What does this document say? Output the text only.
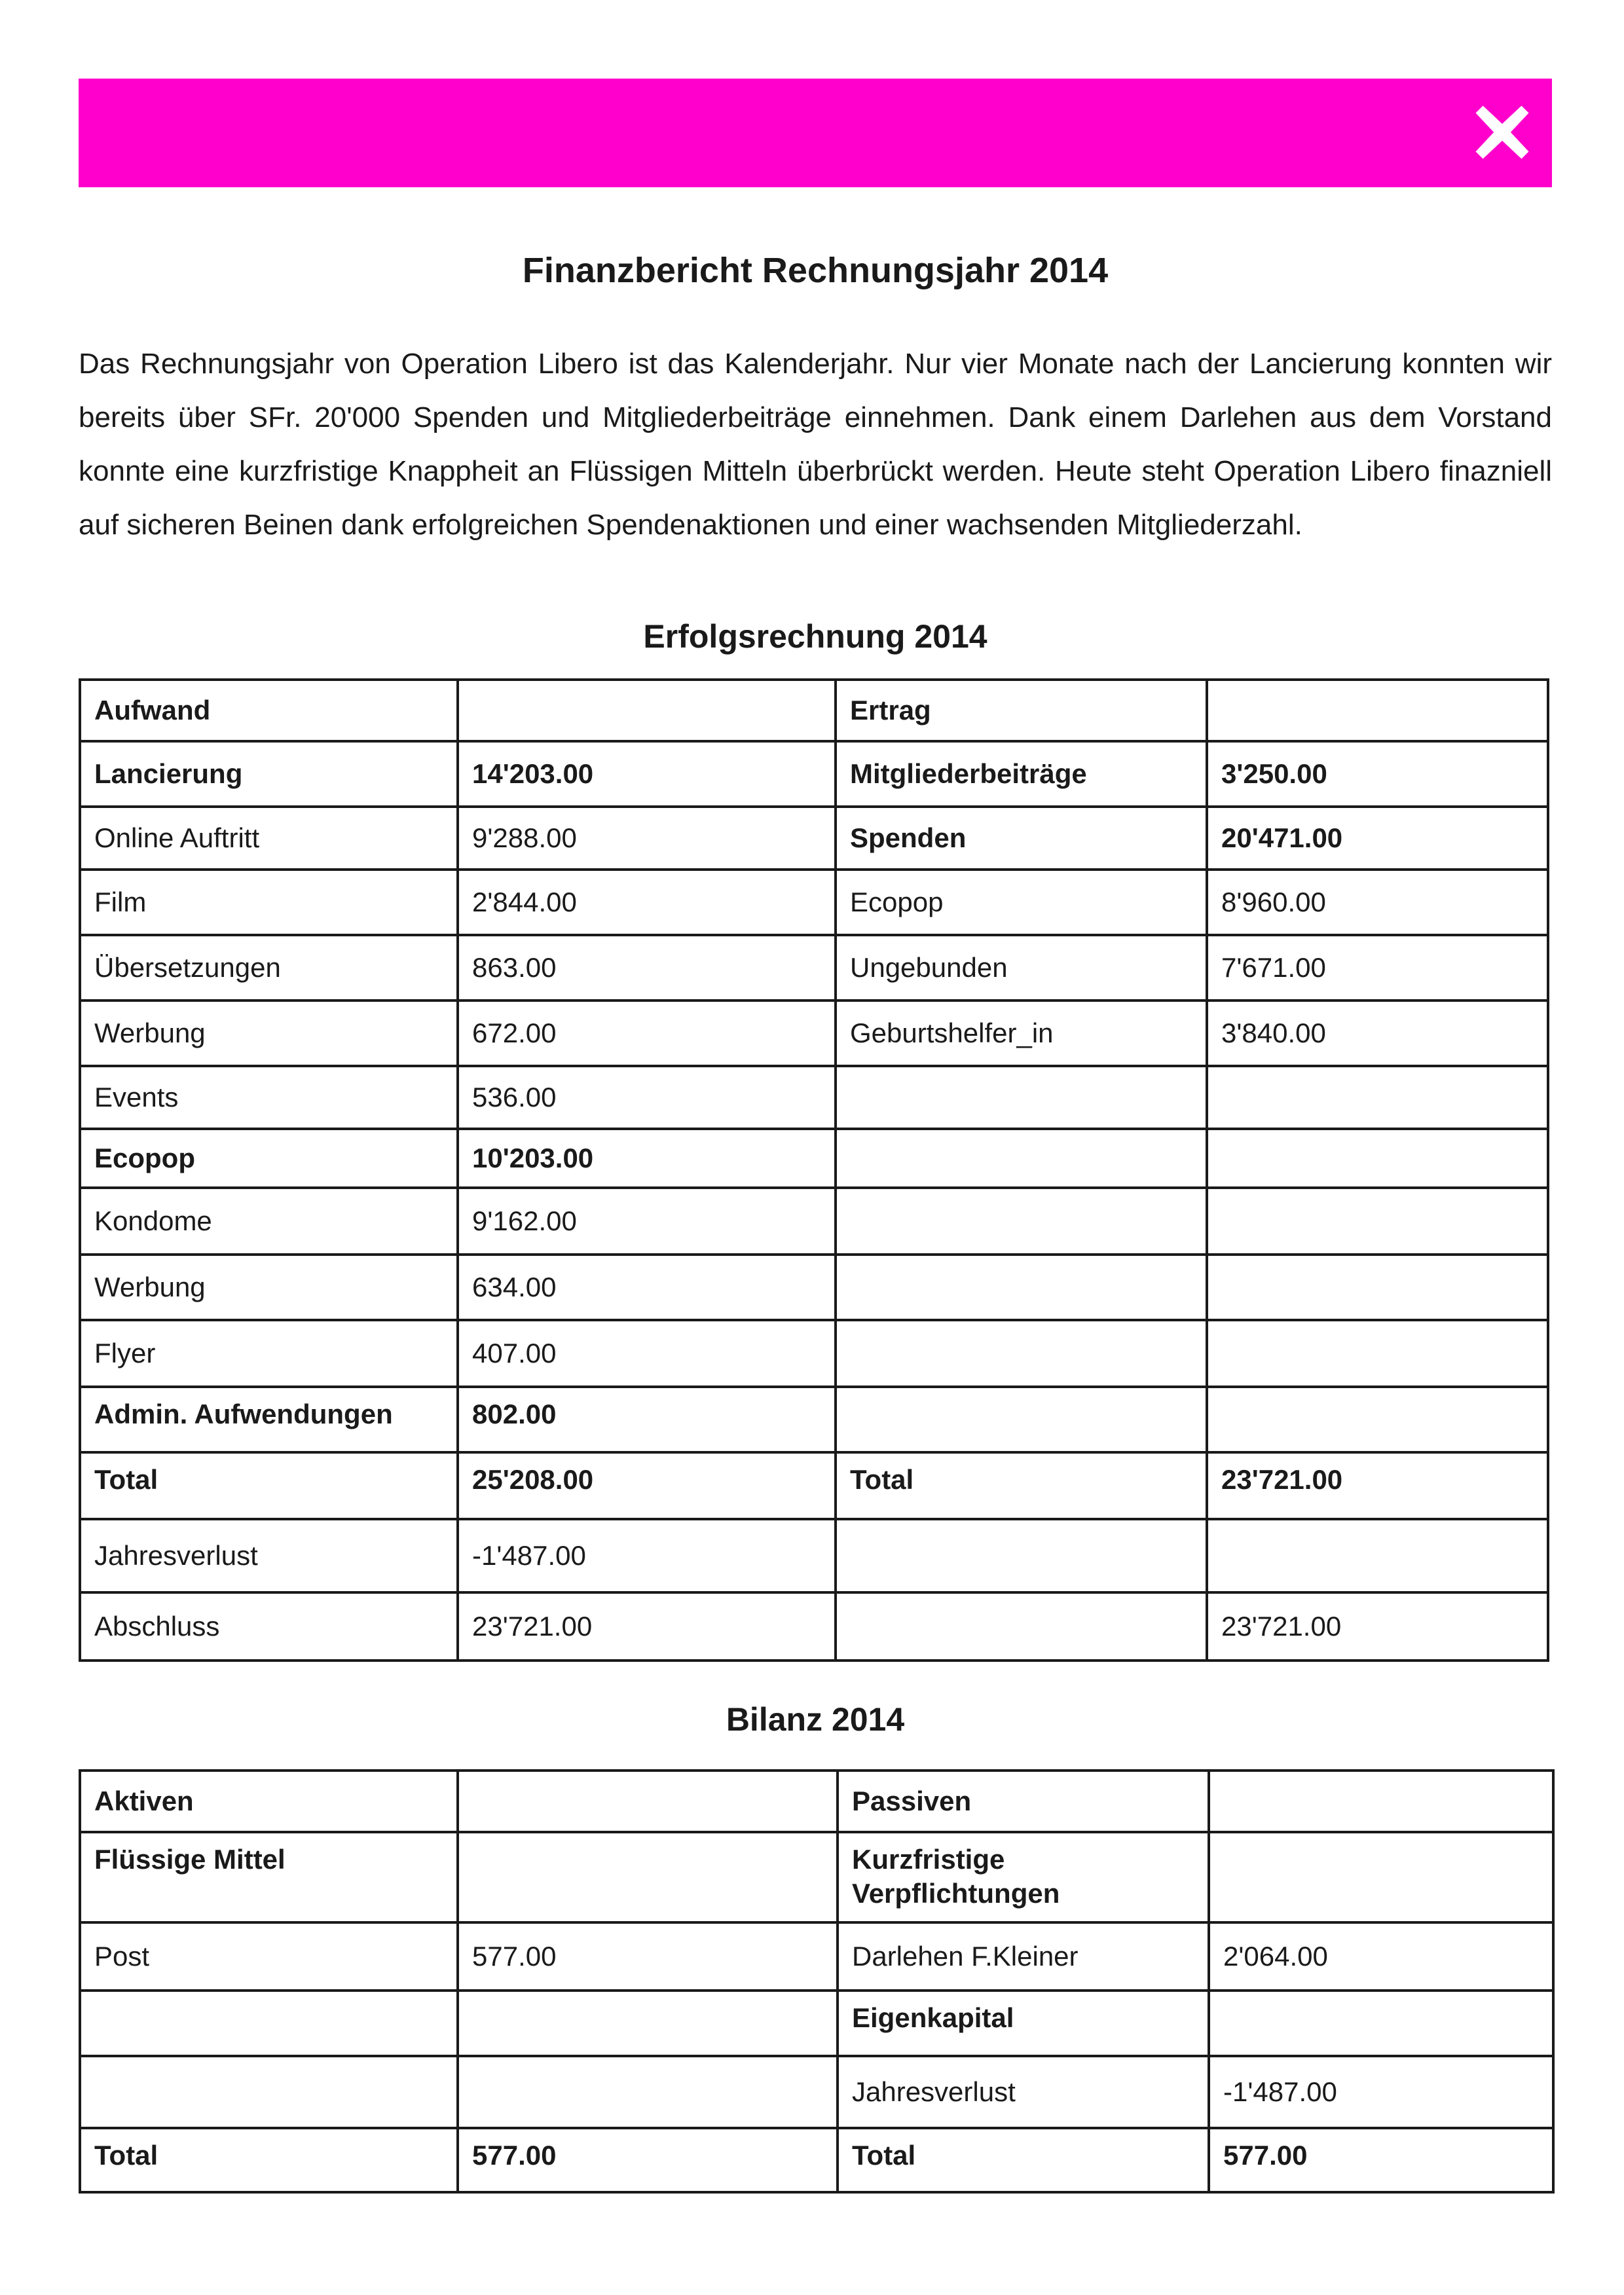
Finanzbericht Rechnungsjahr 2014

Das Rechnungsjahr von Operation Libero ist das Kalenderjahr. Nur vier Monate nach der Lancierung konnten wir bereits über SFr. 20'000 Spenden und Mitgliederbeiträge einnehmen. Dank einem Darlehen aus dem Vorstand konnte eine kurzfristige Knappheit an Flüssigen Mitteln überbrückt werden. Heute steht Operation Libero finazniell auf sicheren Beinen dank erfolgreichen Spendenaktionen und einer wachsenden Mitgliederzahl.

Erfolgsrechnung 2014
Aufwand		Ertrag	
Lancierung	14'203.00	Mitgliederbeiträge	3'250.00
Online Auftritt	9'288.00	Spenden	20'471.00
Film	2'844.00	Ecopop	8'960.00
Übersetzungen	863.00	Ungebunden	7'671.00
Werbung	672.00	Geburtshelfer_in	3'840.00
Events	536.00		
Ecopop	10'203.00		
Kondome	9'162.00		
Werbung	634.00		
Flyer	407.00		
Admin. Aufwendungen	802.00		
Total	25'208.00	Total	23'721.00
Jahresverlust	-1'487.00		
Abschluss	23'721.00		23'721.00
Bilanz 2014
Aktiven		Passiven	
Flüssige Mittel		Kurzfristige Verpflichtungen	
Post	577.00	Darlehen F.Kleiner	2'064.00
		Eigenkapital	
		Jahresverlust	-1'487.00
Total	577.00	Total	577.00
